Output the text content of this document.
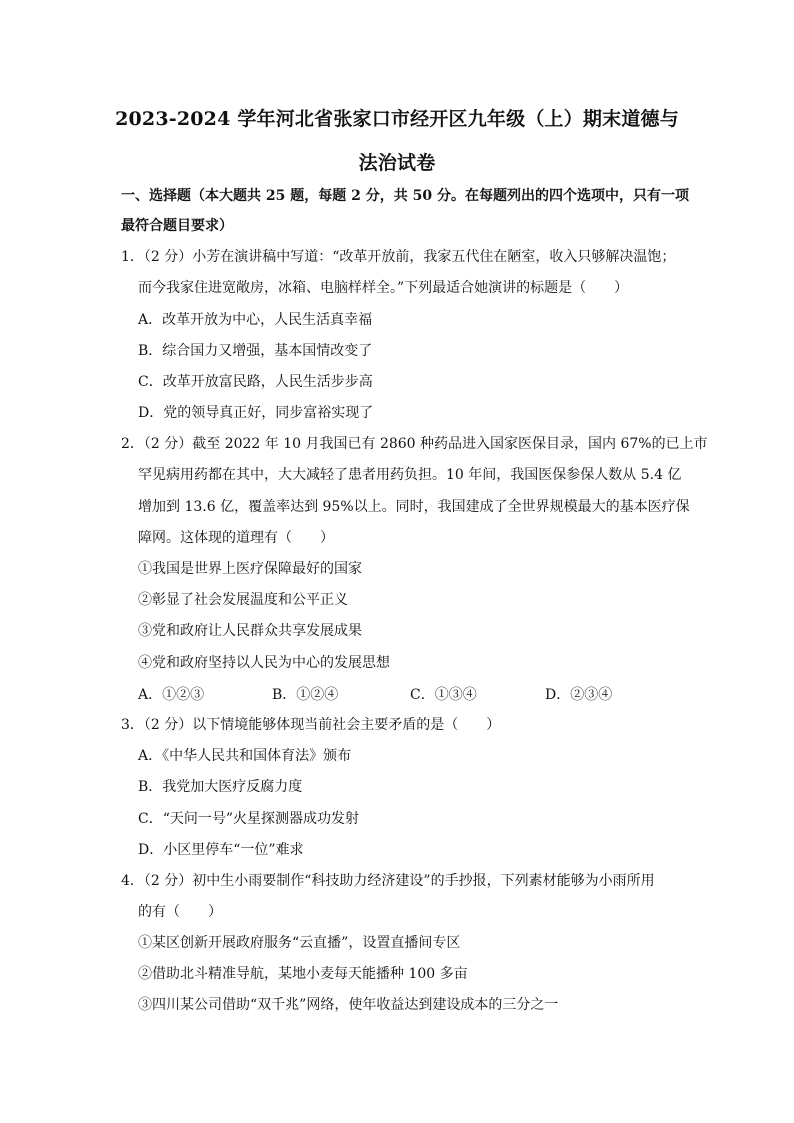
2023-2024 学年河北省张家口市经开区九年级（上）期末道德与
法治试卷
一、选择题（本大题共 25 题，每题 2 分，共 50 分。在每题列出的四个选项中，只有一项
最符合题目要求）
1．（2 分）小芳在演讲稿中写道：“改革开放前，我家五代住在陋室，收入只够解决温饱；
而今我家住进宽敞房，冰箱、电脑样样全。”下列最适合她演讲的标题是（　　）
A．改革开放为中心，人民生活真幸福
B．综合国力又增强，基本国情改变了
C．改革开放富民路，人民生活步步高
D．党的领导真正好，同步富裕实现了
2．（2 分）截至 2022 年 10 月我国已有 2860 种药品进入国家医保目录，国内 67%的已上市
罕见病用药都在其中，大大减轻了患者用药负担。10 年间，我国医保参保人数从 5.4 亿
增加到 13.6 亿，覆盖率达到 95%以上。同时，我国建成了全世界规模最大的基本医疗保
障网。这体现的道理有（　　）
①我国是世界上医疗保障最好的国家
②彰显了社会发展温度和公平正义
③党和政府让人民群众共享发展成果
④党和政府坚持以人民为中心的发展思想
A．①②③	B．①②④	C．①③④	D．②③④
3．（2 分）以下情境能够体现当前社会主要矛盾的是（　　）
A．《中华人民共和国体育法》颁布
B．我党加大医疗反腐力度
C．“天问一号”火星探测器成功发射
D．小区里停车“一位”难求
4．（2 分）初中生小雨要制作“科技助力经济建设”的手抄报，下列素材能够为小雨所用
的有（　　）
①某区创新开展政府服务“云直播”，设置直播间专区
②借助北斗精准导航，某地小麦每天能播种 100 多亩
③四川某公司借助“双千兆”网络，使年收益达到建设成本的三分之一
